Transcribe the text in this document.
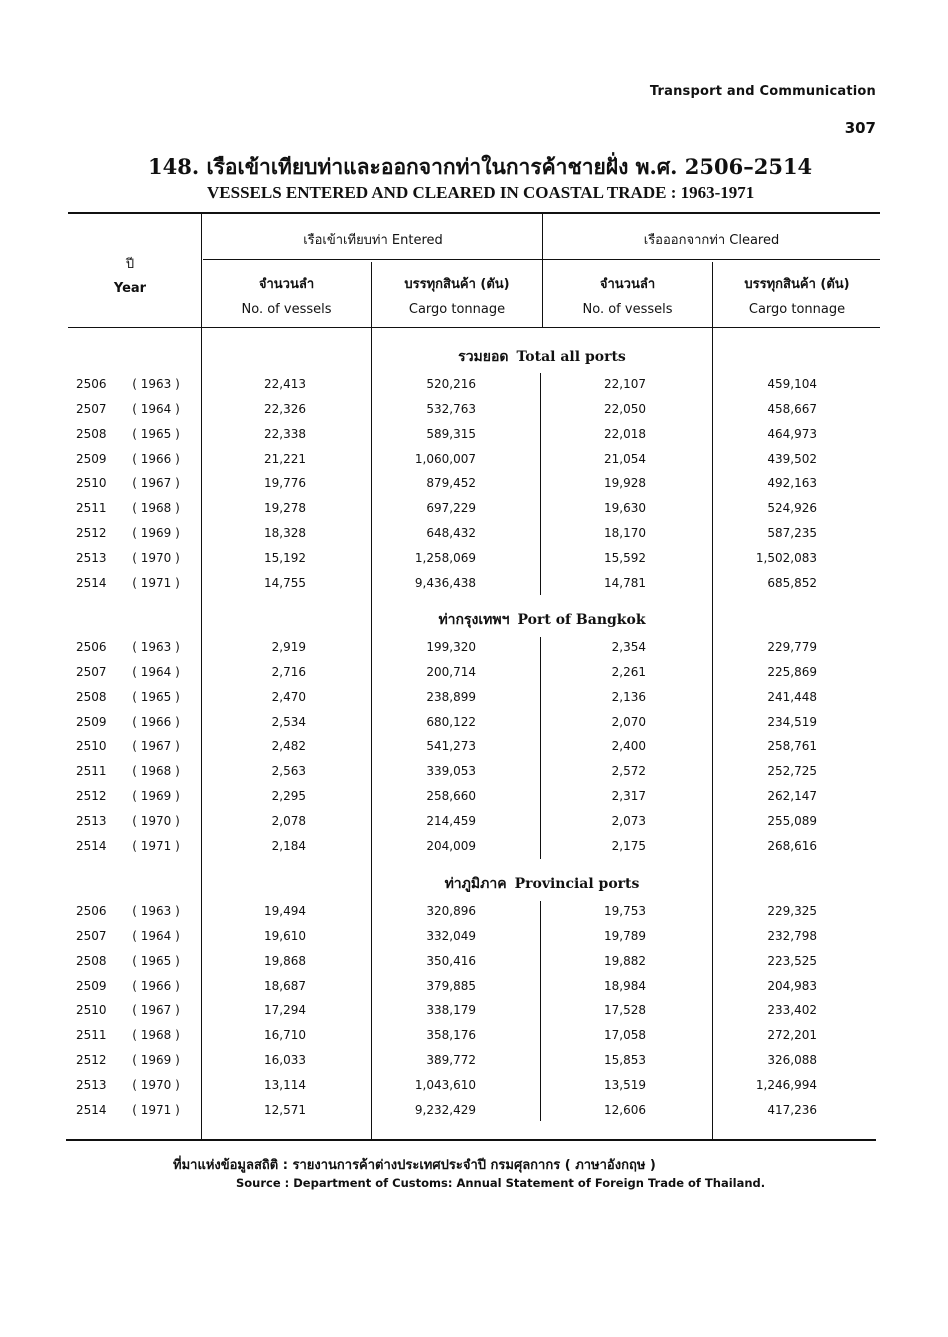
Transport and Communication
307
148. เรือเข้าเทียบท่าและออกจากท่าในการค้าชายฝั่ง พ.ศ. 2506–2514
VESSELS ENTERED AND CLEARED IN COASTAL TRADE : 1963-1971
ปี
Year
เรือเข้าเทียบท่า Entered	เรือออกจากท่า Cleared
จำนวนลำ
No. of vessels
บรรทุกสินค้า (ตัน)
Cargo tonnage
จำนวนลำ
No. of vessels
บรรทุกสินค้า (ตัน)
Cargo tonnage
รวมยอด Total all ports
2506	( 1963 )	22,413	520,216	22,107	459,104
2507	( 1964 )	22,326	532,763	22,050	458,667
2508	( 1965 )	22,338	589,315	22,018	464,973
2509	( 1966 )	21,221	1,060,007	21,054	439,502
2510	( 1967 )	19,776	879,452	19,928	492,163
2511	( 1968 )	19,278	697,229	19,630	524,926
2512	( 1969 )	18,328	648,432	18,170	587,235
2513	( 1970 )	15,192	1,258,069	15,592	1,502,083
2514	( 1971 )	14,755	9,436,438	14,781	685,852
ท่ากรุงเทพฯ Port of Bangkok
2506	( 1963 )	2,919	199,320	2,354	229,779
2507	( 1964 )	2,716	200,714	2,261	225,869
2508	( 1965 )	2,470	238,899	2,136	241,448
2509	( 1966 )	2,534	680,122	2,070	234,519
2510	( 1967 )	2,482	541,273	2,400	258,761
2511	( 1968 )	2,563	339,053	2,572	252,725
2512	( 1969 )	2,295	258,660	2,317	262,147
2513	( 1970 )	2,078	214,459	2,073	255,089
2514	( 1971 )	2,184	204,009	2,175	268,616
ท่าภูมิภาค Provincial ports
2506	( 1963 )	19,494	320,896	19,753	229,325
2507	( 1964 )	19,610	332,049	19,789	232,798
2508	( 1965 )	19,868	350,416	19,882	223,525
2509	( 1966 )	18,687	379,885	18,984	204,983
2510	( 1967 )	17,294	338,179	17,528	233,402
2511	( 1968 )	16,710	358,176	17,058	272,201
2512	( 1969 )	16,033	389,772	15,853	326,088
2513	( 1970 )	13,114	1,043,610	13,519	1,246,994
2514	( 1971 )	12,571	9,232,429	12,606	417,236
ที่มาแห่งข้อมูลสถิติ : รายงานการค้าต่างประเทศประจำปี กรมศุลกากร ( ภาษาอังกฤษ )
Source : Department of Customs: Annual Statement of Foreign Trade of Thailand.
